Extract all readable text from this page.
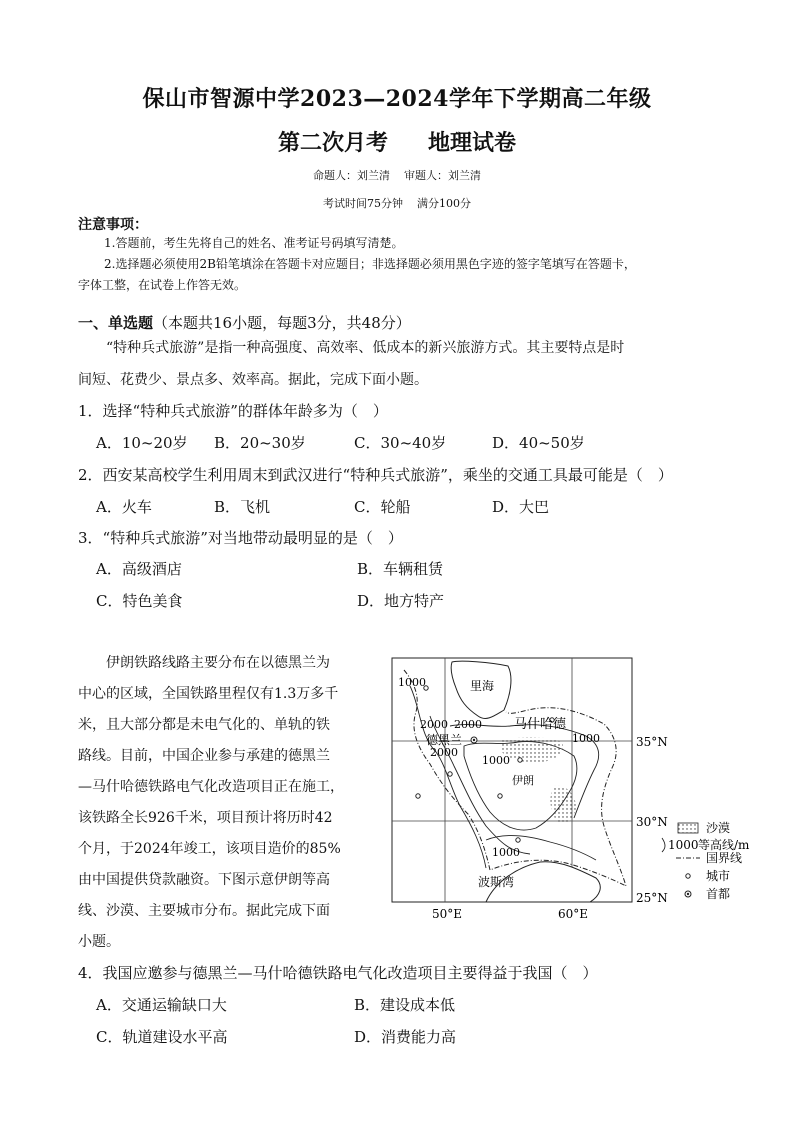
保山市智源中学2023—2024学年下学期高二年级
第二次月考 地理试卷
命题人：刘兰清    审题人：刘兰清
考试时间75分钟    满分100分
注意事项：
1.答题前，考生先将自己的姓名、准考证号码填写清楚。
2.选择题必须使用2B铅笔填涂在答题卡对应题目；非选择题必须用黑色字迹的签字笔填写在答题卡，
字体工整，在试卷上作答无效。
一、单选题（本题共16小题，每题3分，共48分）
“特种兵式旅游”是指一种高强度、高效率、低成本的新兴旅游方式。其主要特点是时
间短、花费少、景点多、效率高。据此，完成下面小题。
1．选择“特种兵式旅游”的群体年龄多为（　）
A．10~20岁 B．20~30岁	C．30~40岁	D．40~50岁
2．西安某高校学生利用周末到武汉进行“特种兵式旅游”，乘坐的交通工具最可能是（　）
A．火车	B．飞机	C．轮船	D．大巴
3．“特种兵式旅游”对当地带动最明显的是（　）
A．高级酒店	B．车辆租赁
C．特色美食	D．地方特产
伊朗铁路线路主要分布在以德黑兰为
中心的区域，全国铁路里程仅有1.3万多千
米，且大部分都是未电气化的、单轨的铁
路线。目前，中国企业参与承建的德黑兰
—马什哈德铁路电气化改造项目正在施工，
该铁路全长926千米，项目预计将历时42
个月，于2024年竣工，该项目造价的85%
由中国提供贷款融资。下图示意伊朗等高
线、沙漠、主要城市分布。据此完成下面
小题。
里海
马什哈德
德黑兰
伊朗
波斯湾
1000
2000 2000
2000
1000
1000
1000
35°N
30°N
25°N
50°E	60°E
沙漠
1000 等高线/m
国界线
城市
首都
4．我国应邀参与德黑兰—马什哈德铁路电气化改造项目主要得益于我国（　）
A．交通运输缺口大	B．建设成本低
C．轨道建设水平高	D．消费能力高
